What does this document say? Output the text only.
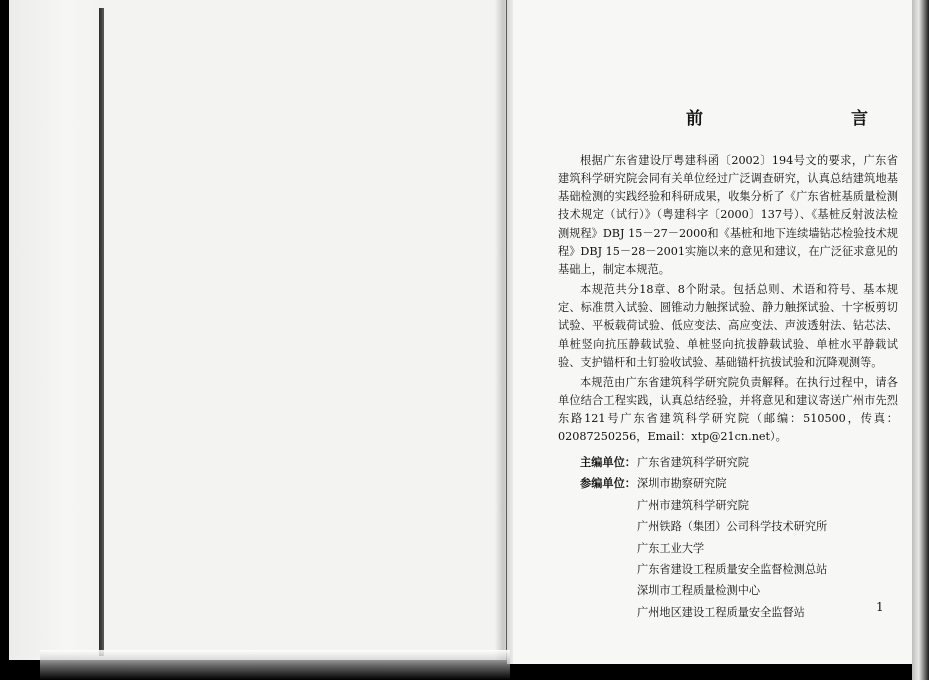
前　　言

根据广东省建设厅粤建科函〔2002〕194号文的要求，广东省建筑科学研究院会同有关单位经过广泛调查研究，认真总结建筑地基基础检测的实践经验和科研成果，收集分析了《广东省桩基质量检测技术规定（试行）》（粤建科字〔2000〕137号）、《基桩反射波法检测规程》DBJ 15－27－2000和《基桩和地下连续墙钻芯检验技术规程》DBJ 15－28－2001实施以来的意见和建议，在广泛征求意见的基础上，制定本规范。

本规范共分18章、8个附录。包括总则、术语和符号、基本规定、标准贯入试验、圆锥动力触探试验、静力触探试验、十字板剪切试验、平板载荷试验、低应变法、高应变法、声波透射法、钻芯法、单桩竖向抗压静载试验、单桩竖向抗拔静载试验、单桩水平静载试验、支护锚杆和土钉验收试验、基础锚杆抗拔试验和沉降观测等。

本规范由广东省建筑科学研究院负责解释。在执行过程中，请各单位结合工程实践，认真总结经验，并将意见和建议寄送广州市先烈东路121号广东省建筑科学研究院（邮编：510500，传真：02087250256，Email：xtp@21cn.net）。

主编单位： 广东省建筑科学研究院
参编单位： 深圳市勘察研究院
广州市建筑科学研究院
广州铁路（集团）公司科学技术研究所
广东工业大学
广东省建设工程质量安全监督检测总站
深圳市工程质量检测中心
广州地区建设工程质量安全监督站	1
